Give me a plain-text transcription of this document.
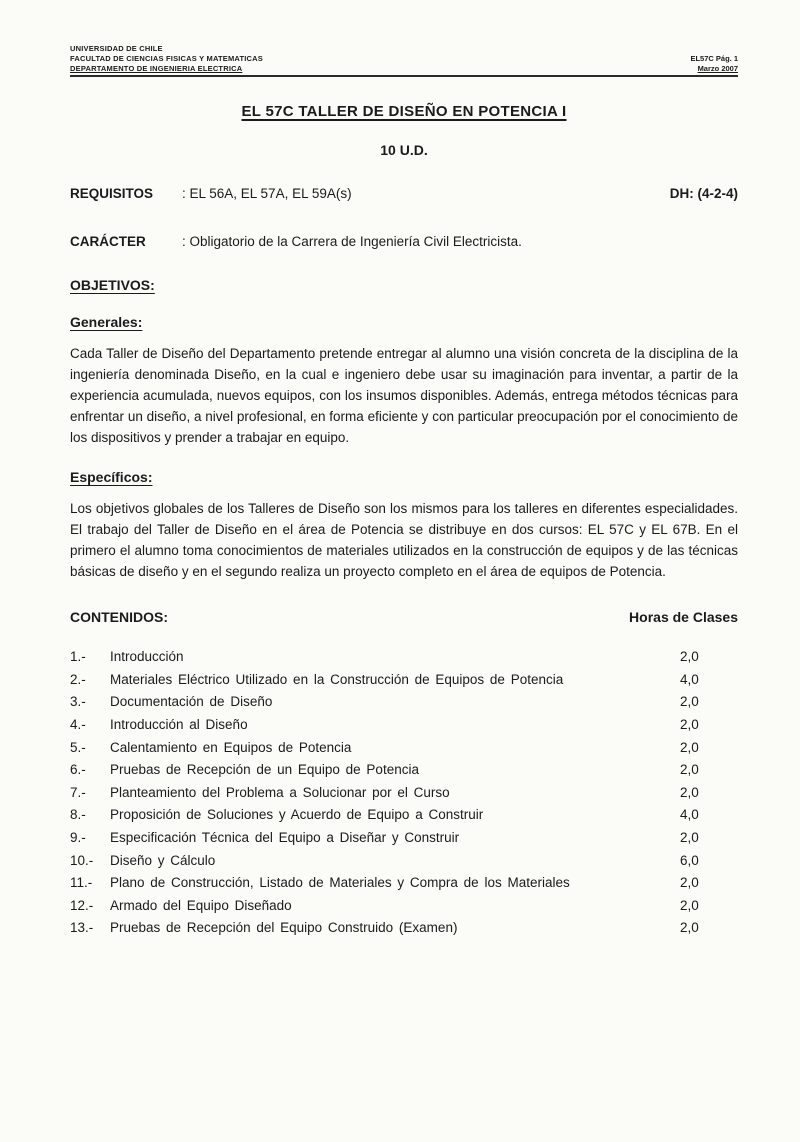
UNIVERSIDAD DE CHILE
FACULTAD DE CIENCIAS FISICAS Y MATEMATICAS
DEPARTAMENTO DE INGENIERIA ELECTRICA
EL57C Pág. 1
Marzo 2007
EL 57C TALLER DE DISEÑO EN POTENCIA I
10 U.D.
REQUISITOS	: EL 56A, EL 57A, EL 59A(s)	DH: (4-2-4)
CARÁCTER	: Obligatorio de la Carrera de Ingeniería Civil Electricista.
OBJETIVOS:
Generales:
Cada Taller de Diseño del Departamento pretende entregar al alumno una visión concreta de la disciplina de la ingeniería denominada Diseño, en la cual e ingeniero debe usar su imaginación para inventar, a partir de la experiencia acumulada, nuevos equipos, con los insumos disponibles. Además, entrega métodos técnicas para enfrentar un diseño, a nivel profesional, en forma eficiente y con particular preocupación por el conocimiento de los dispositivos y prender a trabajar en equipo.
Específicos:
Los objetivos globales de los Talleres de Diseño son los mismos para los talleres en diferentes especialidades. El trabajo del Taller de Diseño en el área de Potencia se distribuye en dos cursos: EL 57C y EL 67B. En el primero el alumno toma conocimientos de materiales utilizados en la construcción de equipos y de las técnicas básicas de diseño y en el segundo realiza un proyecto completo en el área de equipos de Potencia.
CONTENIDOS:	Horas de Clases
1.-	Introducción	2,0
2.-	Materiales Eléctrico Utilizado en la Construcción de Equipos de Potencia	4,0
3.-	Documentación de Diseño	2,0
4.-	Introducción al Diseño	2,0
5.-	Calentamiento en Equipos de Potencia	2,0
6.-	Pruebas de Recepción de un Equipo de Potencia	2,0
7.-	Planteamiento del Problema a Solucionar por el Curso	2,0
8.-	Proposición de Soluciones y Acuerdo de Equipo a Construir	4,0
9.-	Especificación Técnica del Equipo a Diseñar y Construir	2,0
10.-	Diseño y Cálculo	6,0
11.-	Plano de Construcción, Listado de Materiales y Compra de los Materiales	2,0
12.-	Armado del Equipo Diseñado	2,0
13.-	Pruebas de Recepción del Equipo Construido (Examen)	2,0
